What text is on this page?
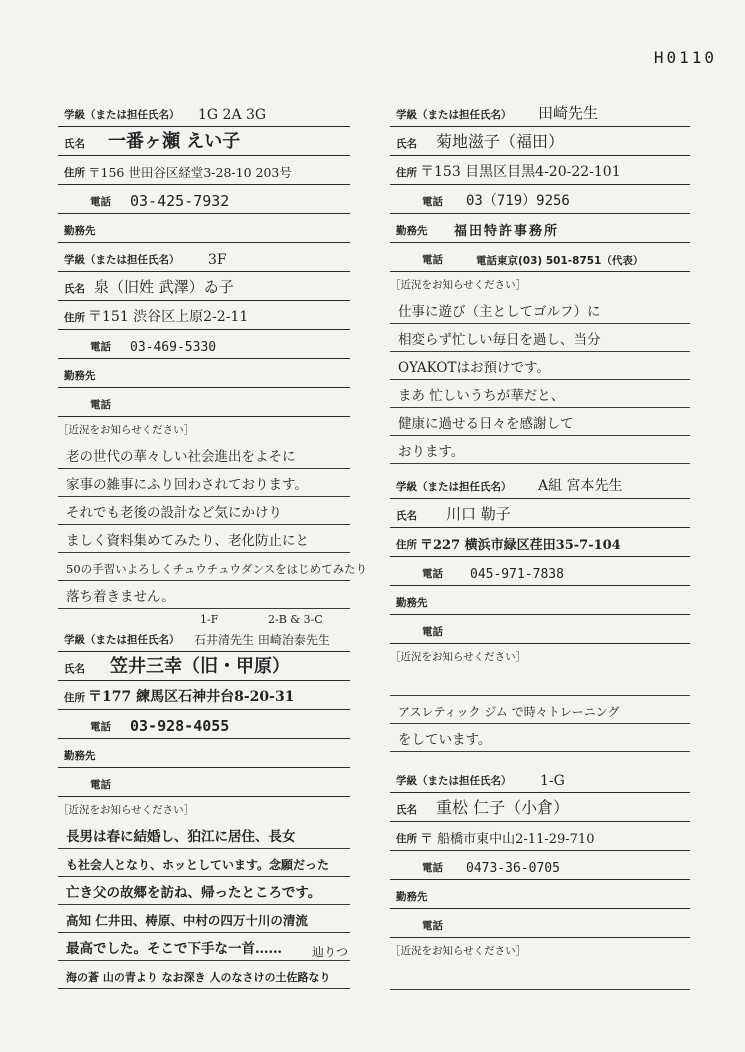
H0110
学級（または担任氏名） 1G 2A 3G
氏名 一番ヶ瀬 えい子
住所 〒156 世田谷区経堂3-28-10 203号
電話 03-425-7932
勤務先
学級（または担任氏名） 3F
氏名 泉（旧姓 武澤）ゐ子
住所 〒151 渋谷区上原2-2-11
電話 03-469-5330
勤務先
電話
［近況をお知らせください］
老の世代の華々しい社会進出をよそに
家事の雑事にふり回わされております。
それでも老後の設計など気にかけり
ましく資料集めてみたり、老化防止にと
50の手習いよろしくチュウチュウダンスをはじめてみたり
落ち着きません。
1-F	2-B & 3-C
学級（または担任氏名） 石井清先生 田崎治泰先生
氏名 笠井三幸（旧・甲原）
住所 〒177 練馬区石神井台8-20-31
電話 03-928-4055
勤務先
電話
［近況をお知らせください］
長男は春に結婚し、狛江に居住、長女
も社会人となり、ホッとしています。念願だった
亡き父の故郷を訪ね、帰ったところです。
高知 仁井田、梼原、中村の四万十川の清流
最高でした。そこで下手な一首……	辿りつ
海の蒼 山の青より なお深き 人のなさけの土佐路なり
学級（または担任氏名） 田崎先生
氏名 菊地滋子（福田）
住所 〒153 目黒区目黒4-20-22-101
電話 03（719）9256
勤務先 福田特許事務所
電話	電話東京(03) 501-8751（代表）
［近況をお知らせください］
仕事に遊び（主としてゴルフ）に
相変らず忙しい毎日を過し、当分
OYAKOTはお預けです。
まあ 忙しいうちが華だと、
健康に過せる日々を感謝して
おります。
学級（または担任氏名） A組 宮本先生
氏名 川口 勒子
住所 〒227 横浜市緑区荏田35-7-104
電話 045-971-7838
勤務先
電話
［近況をお知らせください］
アスレティック ジム で時々トレーニング
をしています。
学級（または担任氏名） 1-G
氏名 重松 仁子（小倉）
住所 〒 船橋市東中山2-11-29-710
電話 0473-36-0705
勤務先
電話
［近況をお知らせください］
